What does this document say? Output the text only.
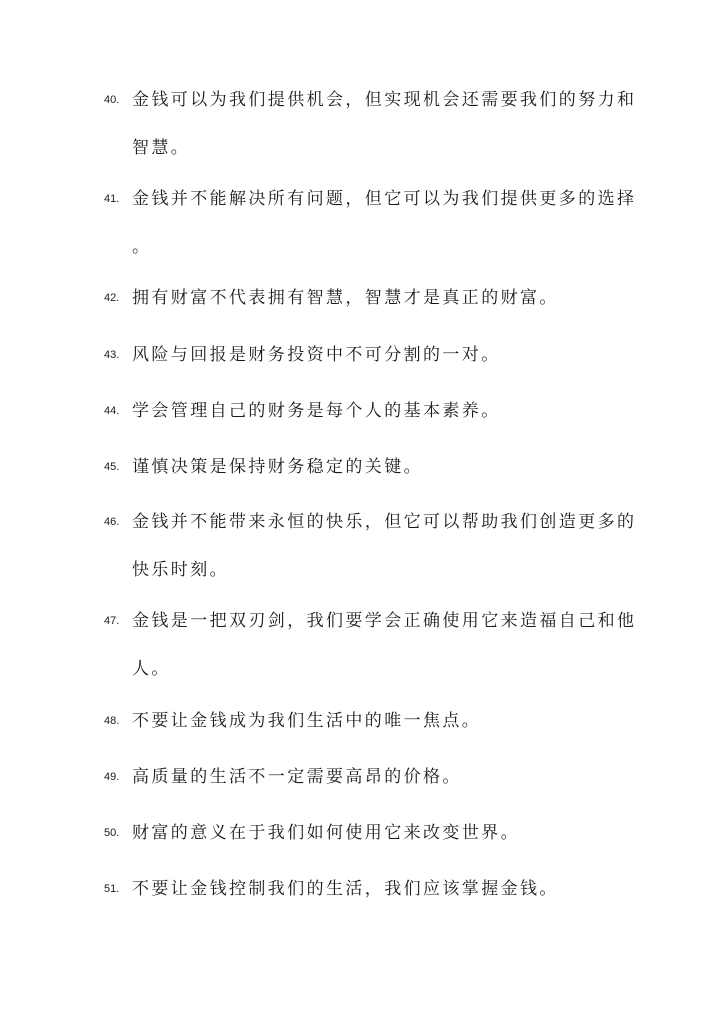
40. 金钱可以为我们提供机会，但实现机会还需要我们的努力和
智慧。
41. 金钱并不能解决所有问题，但它可以为我们提供更多的选择
。
42. 拥有财富不代表拥有智慧，智慧才是真正的财富。
43. 风险与回报是财务投资中不可分割的一对。
44. 学会管理自己的财务是每个人的基本素养。
45. 谨慎决策是保持财务稳定的关键。
46. 金钱并不能带来永恒的快乐，但它可以帮助我们创造更多的
快乐时刻。
47. 金钱是一把双刃剑，我们要学会正确使用它来造福自己和他
人。
48. 不要让金钱成为我们生活中的唯一焦点。
49. 高质量的生活不一定需要高昂的价格。
50. 财富的意义在于我们如何使用它来改变世界。
51. 不要让金钱控制我们的生活，我们应该掌握金钱。
